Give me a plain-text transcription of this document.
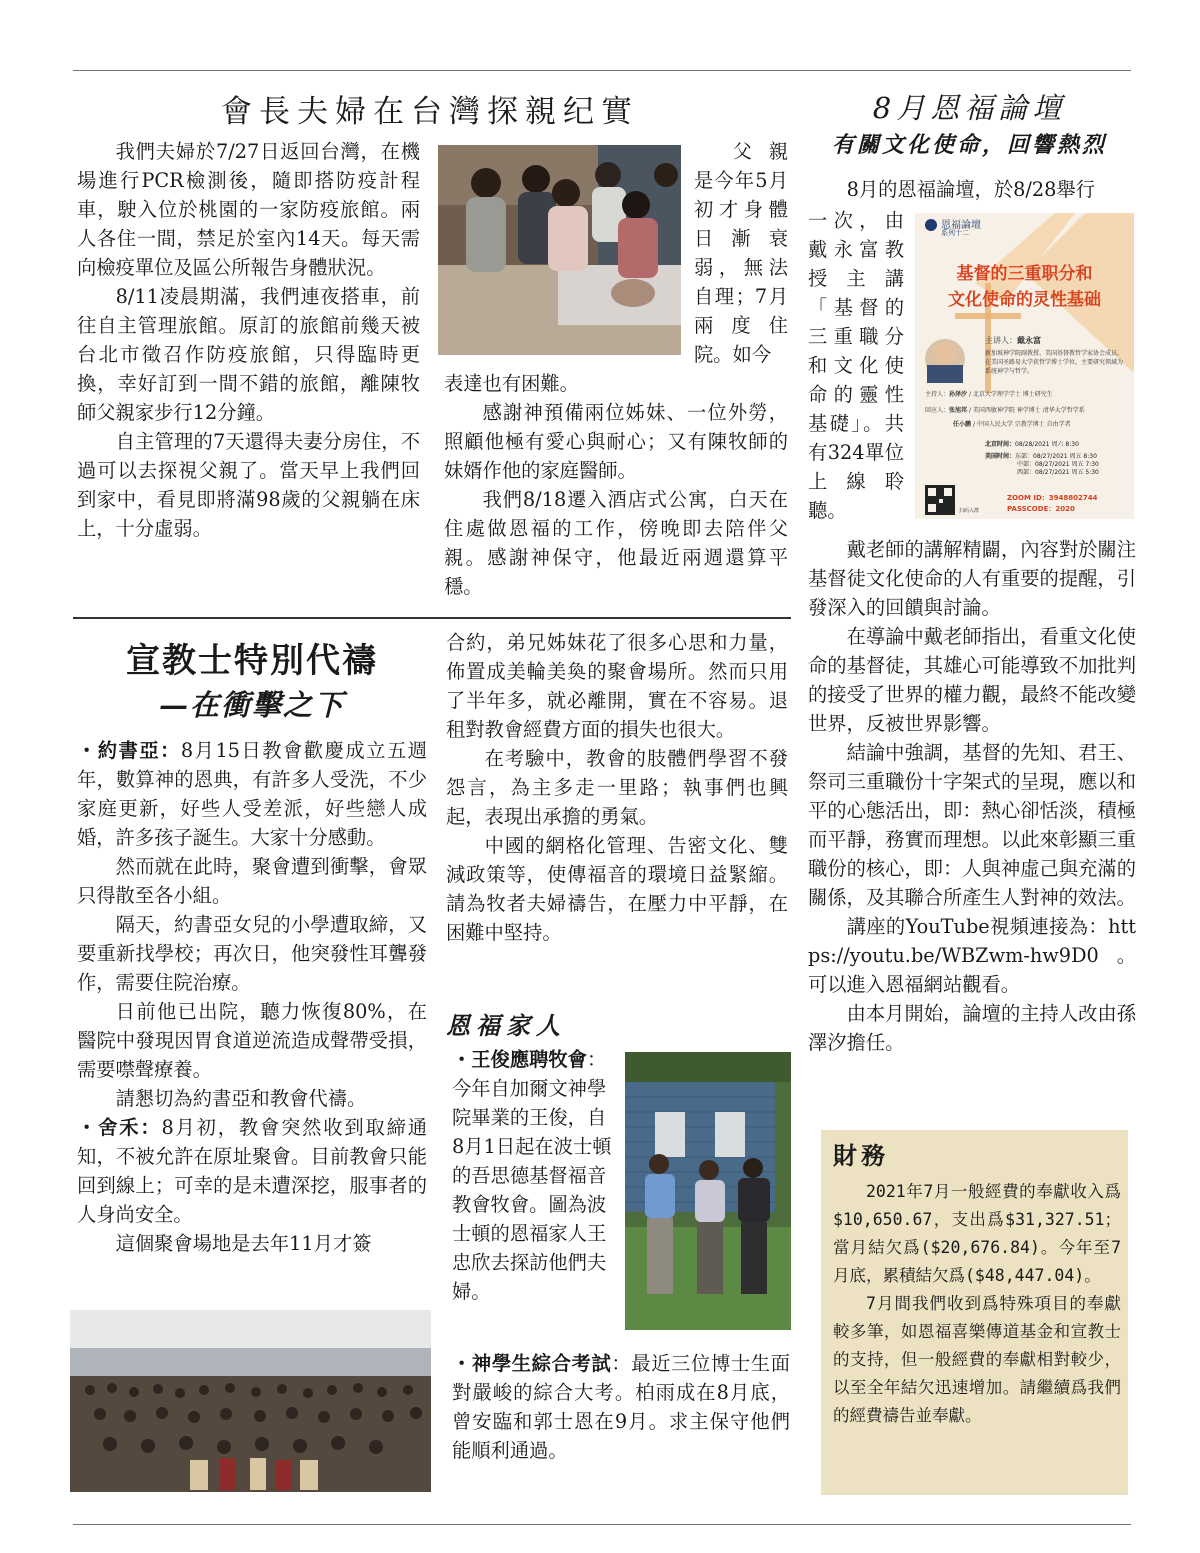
會長夫婦在台灣探親纪實

我們夫婦於7/27日返回台灣，在機場進行PCR檢測後，隨即搭防疫計程車，駛入位於桃園的一家防疫旅館。兩人各住一間，禁足於室內14天。每天需向檢疫單位及區公所報告身體狀況。

8/11凌晨期滿，我們連夜搭車，前往自主管理旅館。原訂的旅館前幾天被台北市徵召作防疫旅館，只得臨時更換，幸好訂到一間不錯的旅館，離陳牧師父親家步行12分鐘。

自主管理的7天還得夫妻分房住，不過可以去探視父親了。當天早上我們回到家中，看見即將滿98歲的父親躺在床上，十分虛弱。

父親是今年5月初才身體日漸衰弱，無法自理；7月兩度住院。如今

表達也有困難。

感謝神預備兩位姊妹、一位外勞，照顧他極有愛心與耐心；又有陳牧師的妹婿作他的家庭醫師。

我們8/18遷入酒店式公寓，白天在住處做恩福的工作，傍晚即去陪伴父親。感謝神保守，他最近兩週還算平穩。

宣教士特別代禱
—在衝擊之下

・約書亞：8月15日教會歡慶成立五週年，數算神的恩典，有許多人受洗，不少家庭更新，好些人受差派，好些戀人成婚，許多孩子誕生。大家十分感動。

然而就在此時，聚會遭到衝擊，會眾只得散至各小組。

隔天，約書亞女兒的小學遭取締，又要重新找學校；再次日，他突發性耳聾發作，需要住院治療。

日前他已出院，聽力恢復80%，在醫院中發現因胃食道逆流造成聲帶受損，需要噤聲療養。

請懇切為約書亞和教會代禱。

・舍禾：8月初，教會突然收到取締通知，不被允許在原址聚會。目前教會只能回到線上；可幸的是未遭深挖，服事者的人身尚安全。

這個聚會場地是去年11月才簽

合約，弟兄姊妹花了很多心思和力量，佈置成美輪美奐的聚會場所。然而只用了半年多，就必離開，實在不容易。退租對教會經費方面的損失也很大。

在考驗中，教會的肢體們學習不發怨言，為主多走一里路；執事們也興起，表現出承擔的勇氣。

中國的網格化管理、告密文化、雙減政策等，使傳福音的環境日益緊縮。請為牧者夫婦禱告，在壓力中平靜，在困難中堅持。

恩福家人

・王俊應聘牧會：今年自加爾文神學院畢業的王俊，自8月1日起在波士頓的吾思德基督福音教會牧會。圖為波士頓的恩福家人王忠欣去探訪他們夫婦。

・神學生綜合考試：最近三位博士生面對嚴峻的綜合大考。柏雨成在8月底，曾安臨和郭士恩在9月。求主保守他們能順利通過。

8月恩福論壇
有關文化使命，回響熱烈

8月的恩福論壇，於8/28舉行

一次，由戴永富教授主講「基督的三重職分和文化使命的靈性基礎」。共有324單位上線聆聽。

恩福論壇
系列十二
基督的三重职分和
文化使命的灵性基础
主讲人：戴永富
新加坡神学院副教授、美国基督教哲学家协会成员，在美国圣路易大学获哲学博士学位，主要研究领域为系统神学与哲学。
主持人：孙泽汐 / 北京大学理学学士 博士研究生
回应人：张旭邦 / 美国西敏神学院 神学博士 清华大学哲学系
任小鹏 / 中国人民大学 宗教学博士 自由学者
北京时间：08/28/2021 周六 8:30
美国时间：东部：08/27/2021 周五 8:30
中部：08/27/2021 周五 7:30
西部：08/27/2021 周五 5:30
ZOOM ID：3948802744
PASSCODE：2020
扫码入群

戴老師的講解精闢，內容對於關注基督徒文化使命的人有重要的提醒，引發深入的回饋與討論。

在導論中戴老師指出，看重文化使命的基督徒，其雄心可能導致不加批判的接受了世界的權力觀，最終不能改變世界，反被世界影響。

結論中強調，基督的先知、君王、祭司三重職份十字架式的呈現，應以和平的心態活出，即：熱心卻恬淡，積極而平靜，務實而理想。以此來彰顯三重職份的核心，即：人與神虛己與充滿的關係，及其聯合所產生人對神的效法。

講座的YouTube視頻連接為：https://youtu.be/WBZwm-hw9D0。可以進入恩福網站觀看。

由本月開始，論壇的主持人改由孫澤汐擔任。

財務

2021年7月一般經費的奉獻收入爲$10,650.67，支出爲$31,327.51；當月結欠爲($20,676.84)。今年至7月底，累積結欠爲($48,447.04)。

7月間我們收到爲特殊項目的奉獻較多筆，如恩福喜樂傳道基金和宣教士的支持，但一般經費的奉獻相對較少，以至全年結欠迅速增加。請繼續爲我們的經費禱告並奉獻。
